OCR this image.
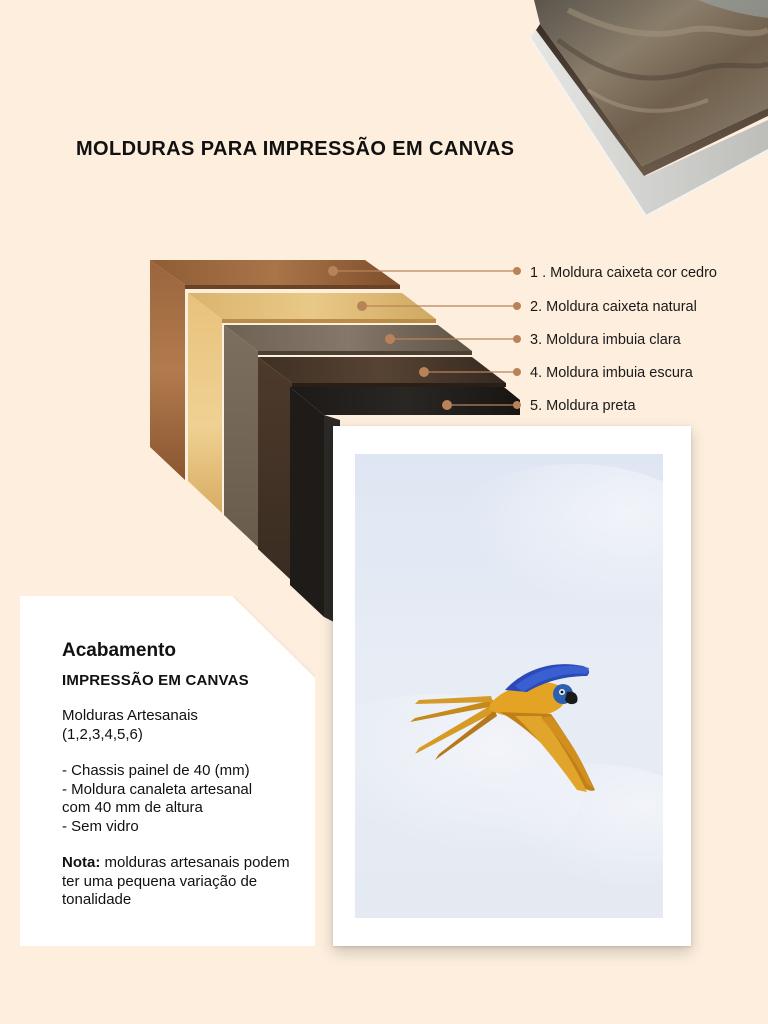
MOLDURAS PARA IMPRESSÃO EM CANVAS
1 . Moldura caixeta cor cedro
2. Moldura caixeta natural
3. Moldura imbuia clara
4. Moldura imbuia escura
5. Moldura preta
Acabamento
IMPRESSÃO EM CANVAS
Molduras Artesanais
(1,2,3,4,5,6)
- Chassis painel de 40 (mm)
- Moldura canaleta artesanal
com 40 mm de altura
- Sem vidro
Nota: molduras artesanais podem ter uma pequena variação de tonalidade
